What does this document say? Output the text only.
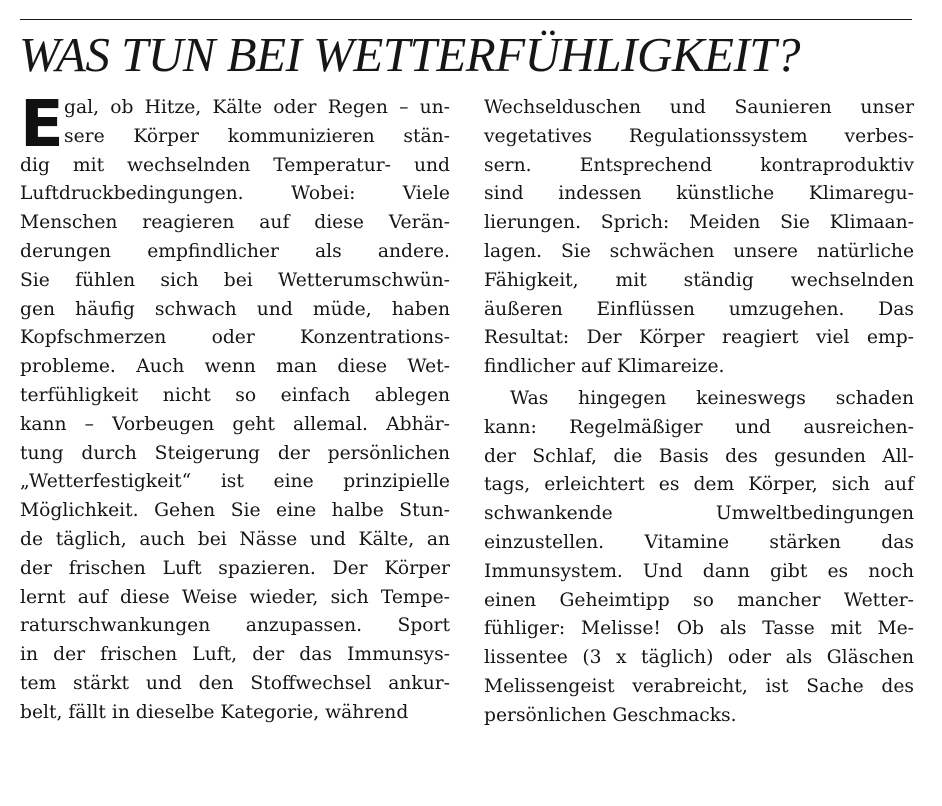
WAS TUN BEI WETTERFÜHLIGKEIT?
E gal, ob Hitze, Kälte oder Regen – un-
sere Körper kommunizieren stän-
dig mit wechselnden Temperatur- und
Luftdruckbedingungen. Wobei: Viele
Menschen reagieren auf diese Verän-
derungen empfindlicher als andere.
Sie fühlen sich bei Wetterumschwün-
gen häufig schwach und müde, haben
Kopfschmerzen oder Konzentrations-
probleme. Auch wenn man diese Wet-
terfühligkeit nicht so einfach ablegen
kann – Vorbeugen geht allemal. Abhär-
tung durch Steigerung der persönlichen
„Wetterfestigkeit“ ist eine prinzipielle
Möglichkeit. Gehen Sie eine halbe Stun-
de täglich, auch bei Nässe und Kälte, an
der frischen Luft spazieren. Der Körper
lernt auf diese Weise wieder, sich Tempe-
raturschwankungen anzupassen. Sport
in der frischen Luft, der das Immunsys-
tem stärkt und den Stoffwechsel ankur-
belt, fällt in dieselbe Kategorie, während
Wechselduschen und Saunieren unser
vegetatives Regulationssystem verbes-
sern. Entsprechend kontraproduktiv
sind indessen künstliche Klimaregu-
lierungen. Sprich: Meiden Sie Klimaan-
lagen. Sie schwächen unsere natürliche
Fähigkeit, mit ständig wechselnden
äußeren Einflüssen umzugehen. Das
Resultat: Der Körper reagiert viel emp-
findlicher auf Klimareize.
Was hingegen keineswegs schaden
kann: Regelmäßiger und ausreichen-
der Schlaf, die Basis des gesunden All-
tags, erleichtert es dem Körper, sich auf
schwankende Umweltbedingungen
einzustellen. Vitamine stärken das
Immunsystem. Und dann gibt es noch
einen Geheimtipp so mancher Wetter-
fühliger: Melisse! Ob als Tasse mit Me-
lissentee (3 x täglich) oder als Gläschen
Melissengeist verabreicht, ist Sache des
persönlichen Geschmacks.
